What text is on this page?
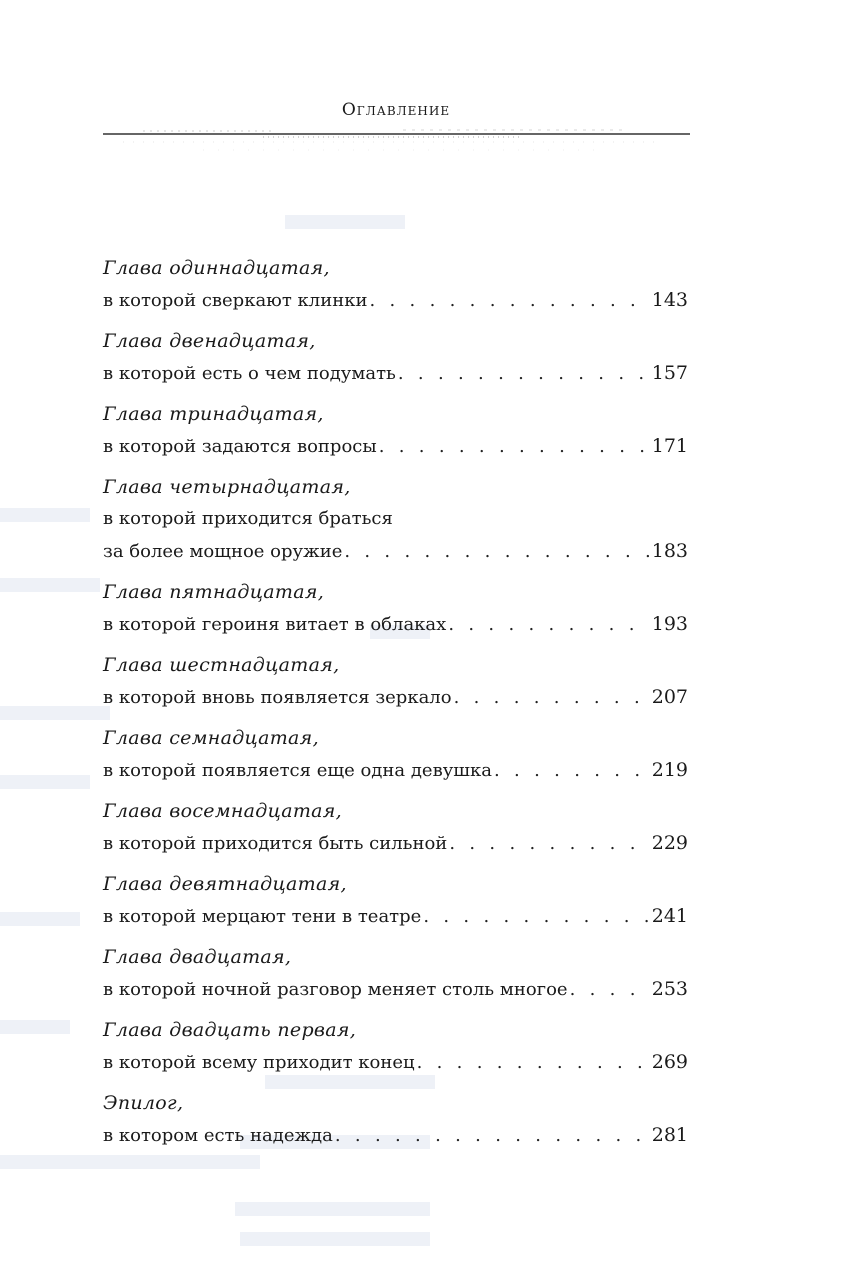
Оглавление
Глава одиннадцатая,
в которой сверкают клинки . . .	143
Глава двенадцатая,
в которой есть о чем подумать . . .	157
Глава тринадцатая,
в которой задаются вопросы . . .	171
Глава четырнадцатая,
в которой приходится браться
за более мощное оружие . . .	183
Глава пятнадцатая,
в которой героиня витает в облаках . . .	193
Глава шестнадцатая,
в которой вновь появляется зеркало . . .	207
Глава семнадцатая,
в которой появляется еще одна девушка . . .	219
Глава восемнадцатая,
в которой приходится быть сильной . . .	229
Глава девятнадцатая,
в которой мерцают тени в театре . . .	241
Глава двадцатая,
в которой ночной разговор меняет столь многое . . .	253
Глава двадцать первая,
в которой всему приходит конец . . .	269
Эпилог,
в котором есть надежда . . .	281
